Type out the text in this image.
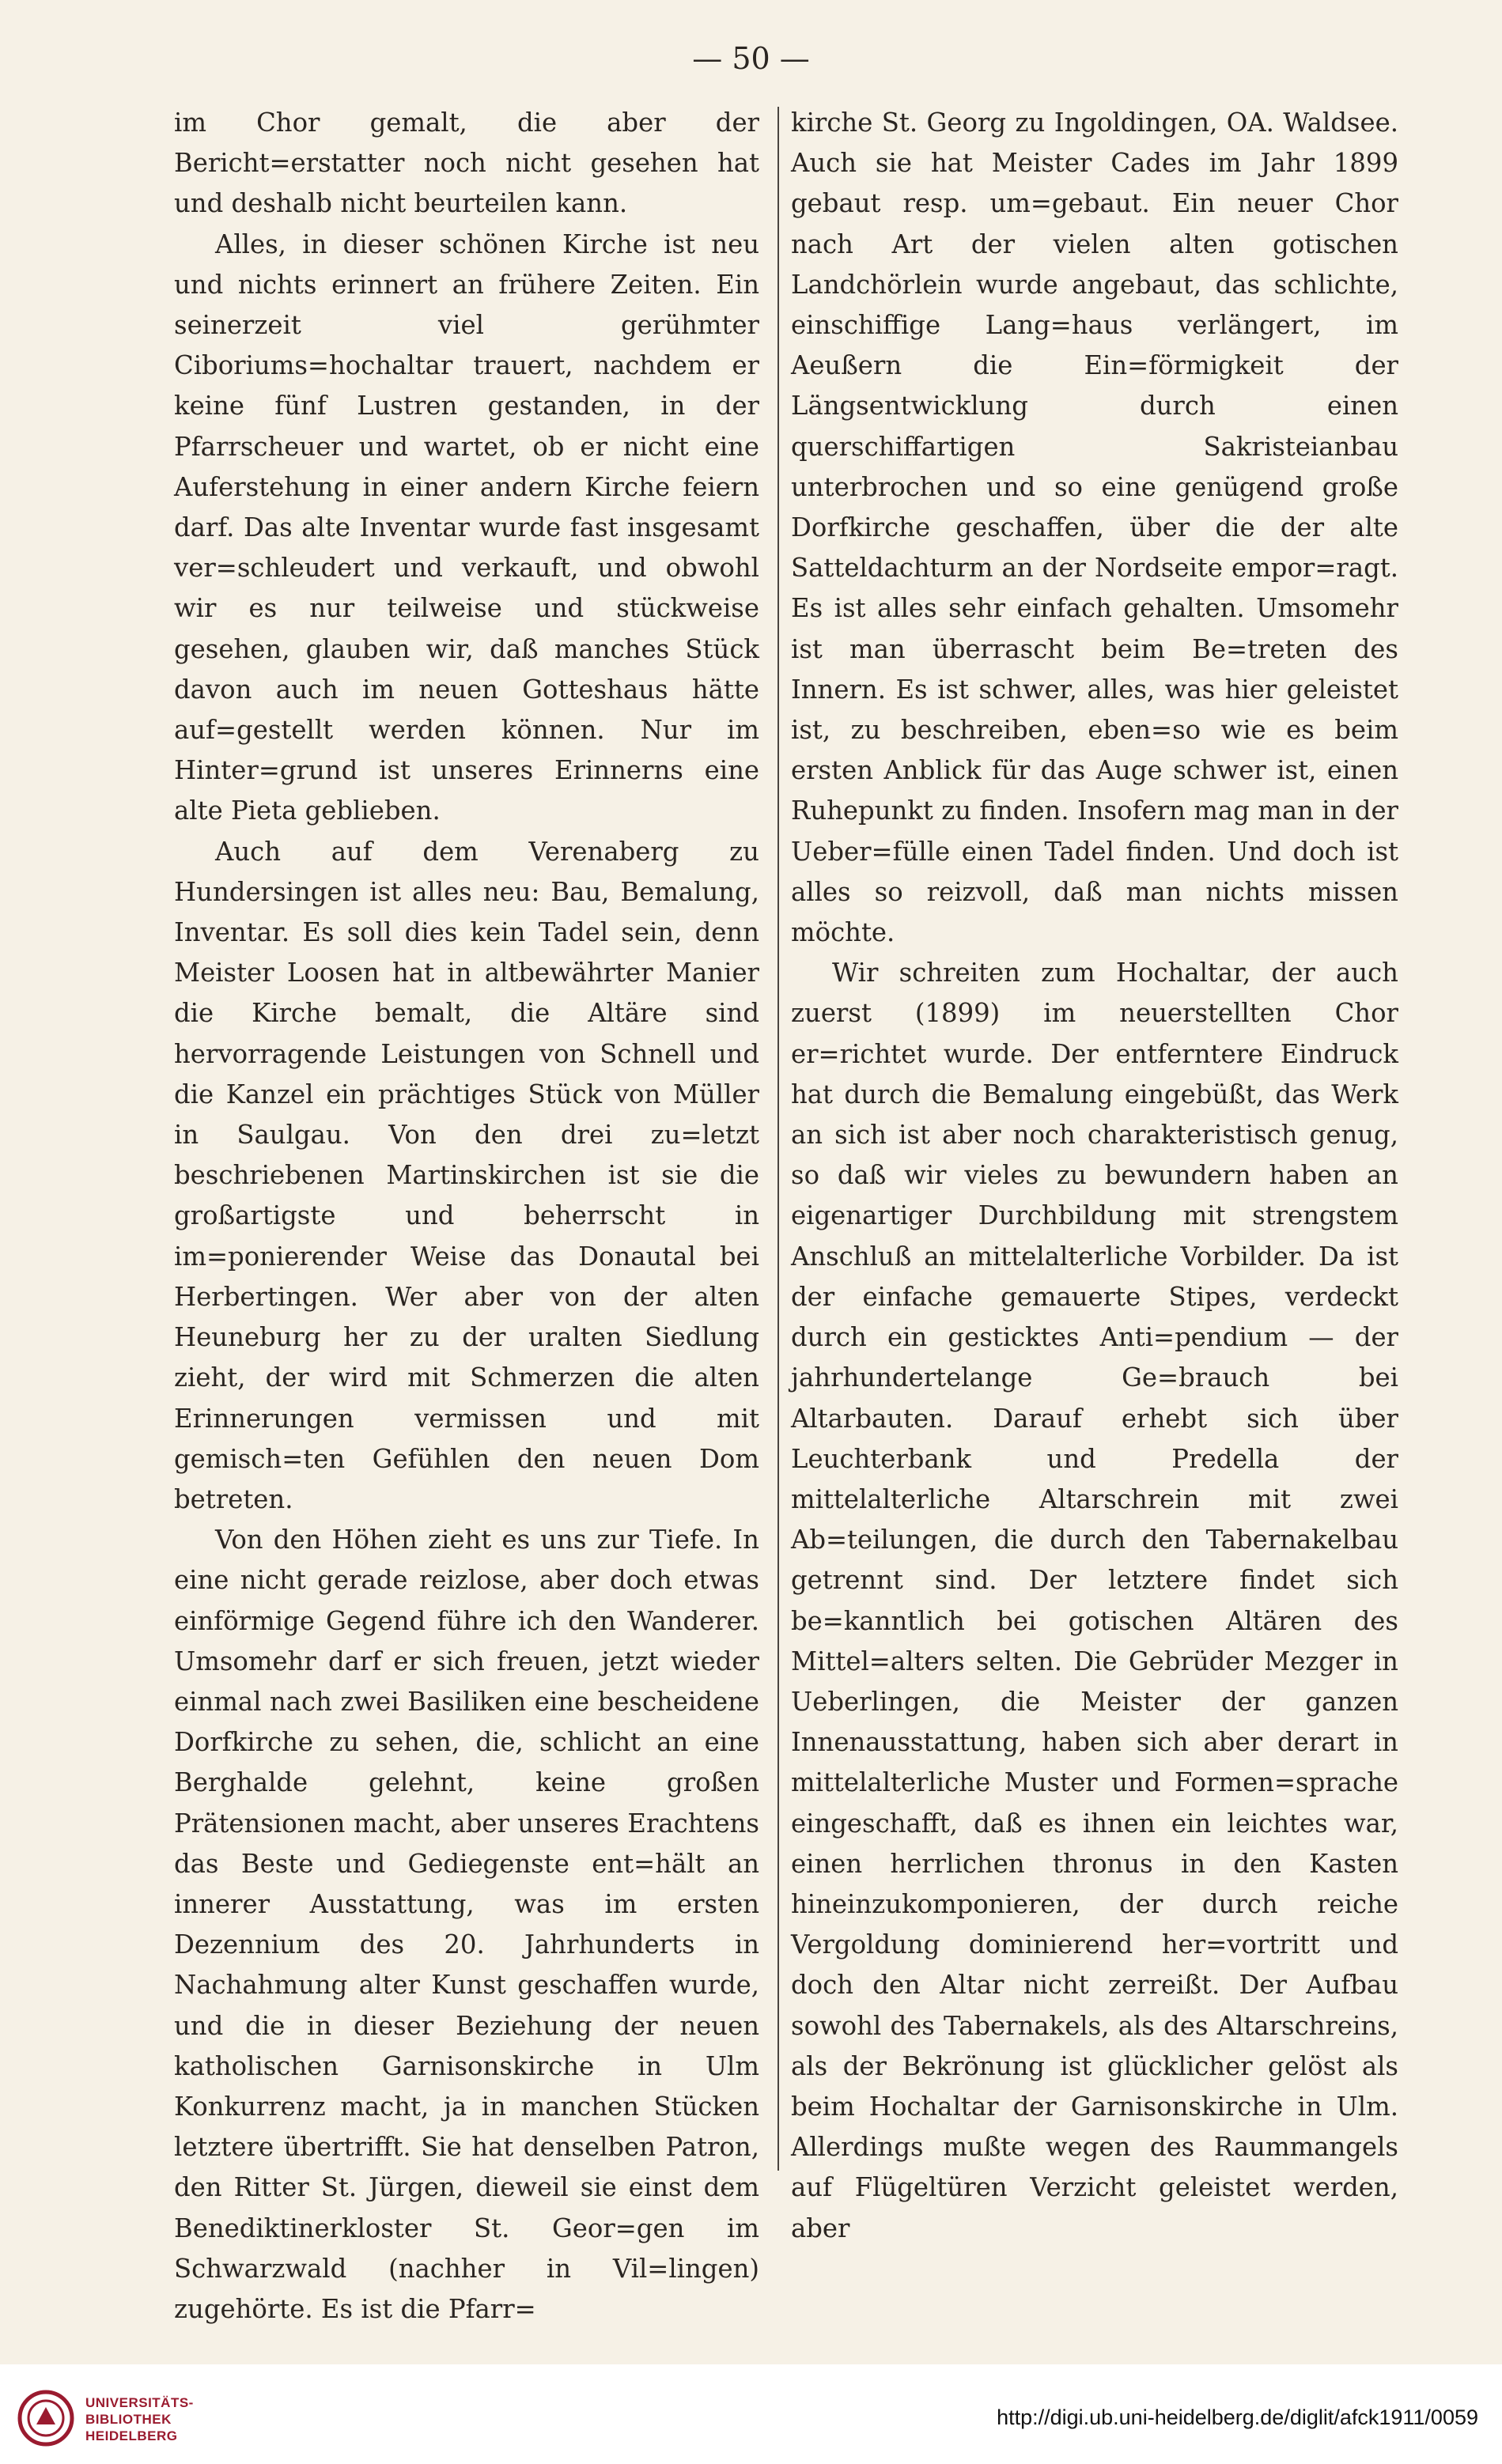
— 50 —

im Chor gemalt, die aber der Bericht=erstatter noch nicht gesehen hat und deshalb nicht beurteilen kann.

Alles, in dieser schönen Kirche ist neu und nichts erinnert an frühere Zeiten. Ein seinerzeit viel gerühmter Ciboriums=hochaltar trauert, nachdem er keine fünf Lustren gestanden, in der Pfarrscheuer und wartet, ob er nicht eine Auferstehung in einer andern Kirche feiern darf. Das alte Inventar wurde fast insgesamt ver=schleudert und verkauft, und obwohl wir es nur teilweise und stückweise gesehen, glauben wir, daß manches Stück davon auch im neuen Gotteshaus hätte auf=gestellt werden können. Nur im Hinter=grund ist unseres Erinnerns eine alte Pieta geblieben.

Auch auf dem Verenaberg zu Hundersingen ist alles neu: Bau, Bemalung, Inventar. Es soll dies kein Tadel sein, denn Meister Loosen hat in altbewährter Manier die Kirche bemalt, die Altäre sind hervorragende Leistungen von Schnell und die Kanzel ein prächtiges Stück von Müller in Saulgau. Von den drei zu=letzt beschriebenen Martinskirchen ist sie die großartigste und beherrscht in im=ponierender Weise das Donautal bei Herbertingen. Wer aber von der alten Heuneburg her zu der uralten Siedlung zieht, der wird mit Schmerzen die alten Erinnerungen vermissen und mit gemisch=ten Gefühlen den neuen Dom betreten.

Von den Höhen zieht es uns zur Tiefe. In eine nicht gerade reizlose, aber doch etwas einförmige Gegend führe ich den Wanderer. Umsomehr darf er sich freuen, jetzt wieder einmal nach zwei Basiliken eine bescheidene Dorfkirche zu sehen, die, schlicht an eine Berghalde gelehnt, keine großen Prätensionen macht, aber unseres Erachtens das Beste und Gediegenste ent=hält an innerer Ausstattung, was im ersten Dezennium des 20. Jahrhunderts in Nachahmung alter Kunst geschaffen wurde, und die in dieser Beziehung der neuen katholischen Garnisonskirche in Ulm Konkurrenz macht, ja in manchen Stücken letztere übertrifft. Sie hat denselben Patron, den Ritter St. Jürgen, dieweil sie einst dem Benediktinerkloster St. Geor=gen im Schwarzwald (nachher in Vil=lingen) zugehörte. Es ist die Pfarr=

kirche St. Georg zu Ingoldingen, OA. Waldsee. Auch sie hat Meister Cades im Jahr 1899 gebaut resp. um=gebaut. Ein neuer Chor nach Art der vielen alten gotischen Landchörlein wurde angebaut, das schlichte, einschiffige Lang=haus verlängert, im Aeußern die Ein=förmigkeit der Längsentwicklung durch einen querschiffartigen Sakristeianbau unterbrochen und so eine genügend große Dorfkirche geschaffen, über die der alte Satteldachturm an der Nordseite empor=ragt. Es ist alles sehr einfach gehalten. Umsomehr ist man überrascht beim Be=treten des Innern. Es ist schwer, alles, was hier geleistet ist, zu beschreiben, eben=so wie es beim ersten Anblick für das Auge schwer ist, einen Ruhepunkt zu finden. Insofern mag man in der Ueber=fülle einen Tadel finden. Und doch ist alles so reizvoll, daß man nichts missen möchte.

Wir schreiten zum Hochaltar, der auch zuerst (1899) im neuerstellten Chor er=richtet wurde. Der entferntere Eindruck hat durch die Bemalung eingebüßt, das Werk an sich ist aber noch charakteristisch genug, so daß wir vieles zu bewundern haben an eigenartiger Durchbildung mit strengstem Anschluß an mittelalterliche Vorbilder. Da ist der einfache gemauerte Stipes, verdeckt durch ein gesticktes Anti=pendium — der jahrhundertelange Ge=brauch bei Altarbauten. Darauf erhebt sich über Leuchterbank und Predella der mittelalterliche Altarschrein mit zwei Ab=teilungen, die durch den Tabernakelbau getrennt sind. Der letztere findet sich be=kanntlich bei gotischen Altären des Mittel=alters selten. Die Gebrüder Mezger in Ueberlingen, die Meister der ganzen Innenausstattung, haben sich aber derart in mittelalterliche Muster und Formen=sprache eingeschafft, daß es ihnen ein leichtes war, einen herrlichen thronus in den Kasten hineinzukomponieren, der durch reiche Vergoldung dominierend her=vortritt und doch den Altar nicht zerreißt. Der Aufbau sowohl des Tabernakels, als des Altarschreins, als der Bekrönung ist glücklicher gelöst als beim Hochaltar der Garnisonskirche in Ulm. Allerdings mußte wegen des Raummangels auf Flügeltüren Verzicht geleistet werden, aber

UNIVERSITÄTS-
BIBLIOTHEK
HEIDELBERG
http://digi.ub.uni-heidelberg.de/diglit/afck1911/0059
